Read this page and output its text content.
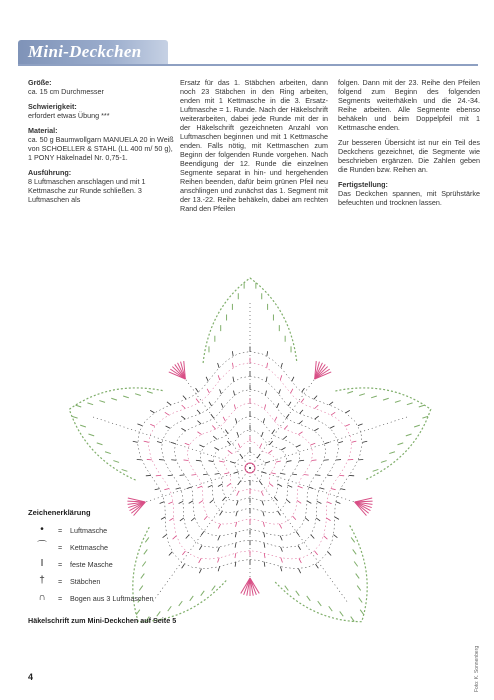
Mini-Deckchen

Größe:
ca. 15 cm Durchmesser

Schwierigkeit:
erfordert etwas Übung ***

Material:
ca. 50 g Baumwollgarn MANUELA 20 in Weiß von SCHOELLER & STAHL (LL 400 m/ 50 g), 1 PONY Häkelnadel Nr. 0,75-1.

Ausführung:
8 Luftmaschen anschlagen und mit 1 Kettmasche zur Runde schließen. 3 Luftmaschen als

Ersatz für das 1. Stäbchen arbeiten, dann noch 23 Stäbchen in den Ring arbeiten, enden mit 1 Kettmasche in die 3. Ersatz-Luftmasche = 1. Runde. Nach der Häkelschrift weiterarbeiten, dabei jede Runde mit der in der Häkelschrift gezeichneten Anzahl von Luftmaschen beginnen und mit 1 Kettmasche enden. Falls nötig, mit Kettmaschen zum Beginn der folgenden Runde vorgehen. Nach Beendigung der 12. Runde die einzelnen Segmente separat in hin- und hergehenden Reihen beenden, dafür beim grünen Pfeil neu anschlingen und zunächst das 1. Segment mit der 13.-22. Reihe behäkeln, dabei am rechten Rand den Pfeilen

folgen. Dann mit der 23. Reihe den Pfeilen folgend zum Beginn des folgenden Segments weiterhäkeln und die 24.-34. Reihe arbeiten. Alle Segmente ebenso behäkeln und beim Doppelpfeil mit 1 Kettmasche enden.

Zur besseren Übersicht ist nur ein Teil des Deckchens gezeichnet, die Segmente wie beschrieben ergänzen. Die Zahlen geben die Runden bzw. Reihen an.

Fertigstellung:
Das Deckchen spannen, mit Sprühstärke befeuchten und trocknen lassen.

Zeichenerklärung
•	= Luftmasche
⌒ = Kettmasche
I	= feste Masche
†	= Stäbchen
∩	= Bogen aus 3 Luftmaschen
Häkelschrift zum Mini-Deckchen auf Seite 5
4	Foto: K. Sonnenberg
